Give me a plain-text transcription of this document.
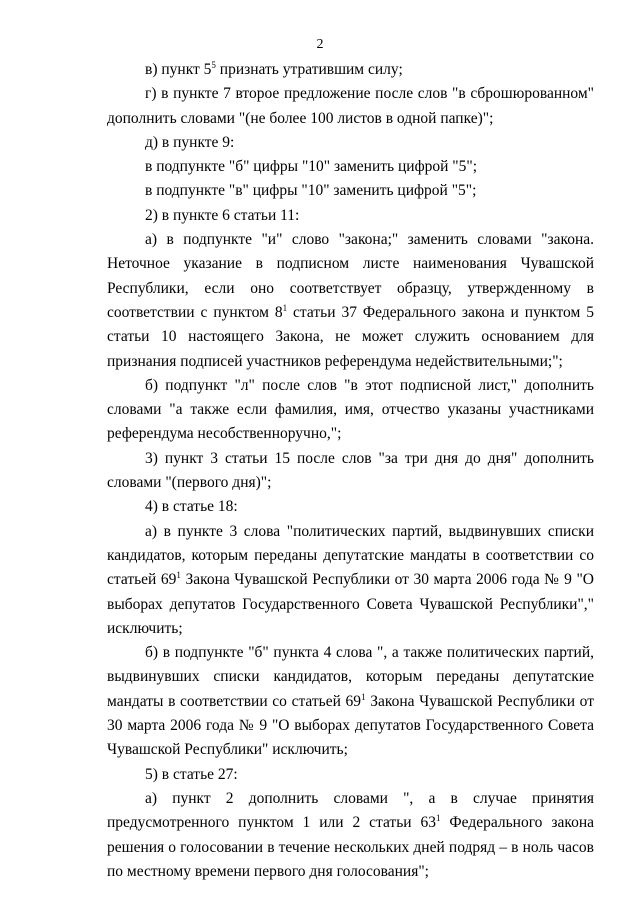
2

в) пункт $5^5$ признать утратившим силу;

г) в пункте 7 второе предложение после слов "в сброшюрованном" дополнить словами "(не более 100 листов в одной папке)";

д) в пункте 9:

в подпункте "б" цифры "10" заменить цифрой "5";

в подпункте "в" цифры "10" заменить цифрой "5";

2) в пункте 6 статьи 11:

а) в подпункте "и" слово "закона;" заменить словами "закона. Неточное указание в подписном листе наименования Чувашской Республики, если оно соответствует образцу, утвержденному в соответствии с пунктом $8^1$ статьи 37 Федерального закона и пунктом 5 статьи 10 настоящего Закона, не может служить основанием для признания подписей участников референдума недействительными;";

б) подпункт "л" после слов "в этот подписной лист," дополнить словами "а также если фамилия, имя, отчество указаны участниками референдума несобственноручно,";

3) пункт 3 статьи 15 после слов "за три дня до дня" дополнить словами "(первого дня)";

4) в статье 18:

а) в пункте 3 слова "политических партий, выдвинувших списки кандидатов, которым переданы депутатские мандаты в соответствии со статьей $69^1$ Закона Чувашской Республики от 30 марта 2006 года № 9 "О выборах депутатов Государственного Совета Чувашской Республики"," исключить;

б) в подпункте "б" пункта 4 слова ", а также политических партий, выдвинувших списки кандидатов, которым переданы депутатские мандаты в соответствии со статьей $69^1$ Закона Чувашской Республики от 30 марта 2006 года № 9 "О выборах депутатов Государственного Совета Чувашской Республики" исключить;

5) в статье 27:

а) пункт 2 дополнить словами ", а в случае принятия предусмотренного пунктом 1 или 2 статьи $63^1$ Федерального закона решения о голосовании в течение нескольких дней подряд – в ноль часов по местному времени первого дня голосования";
